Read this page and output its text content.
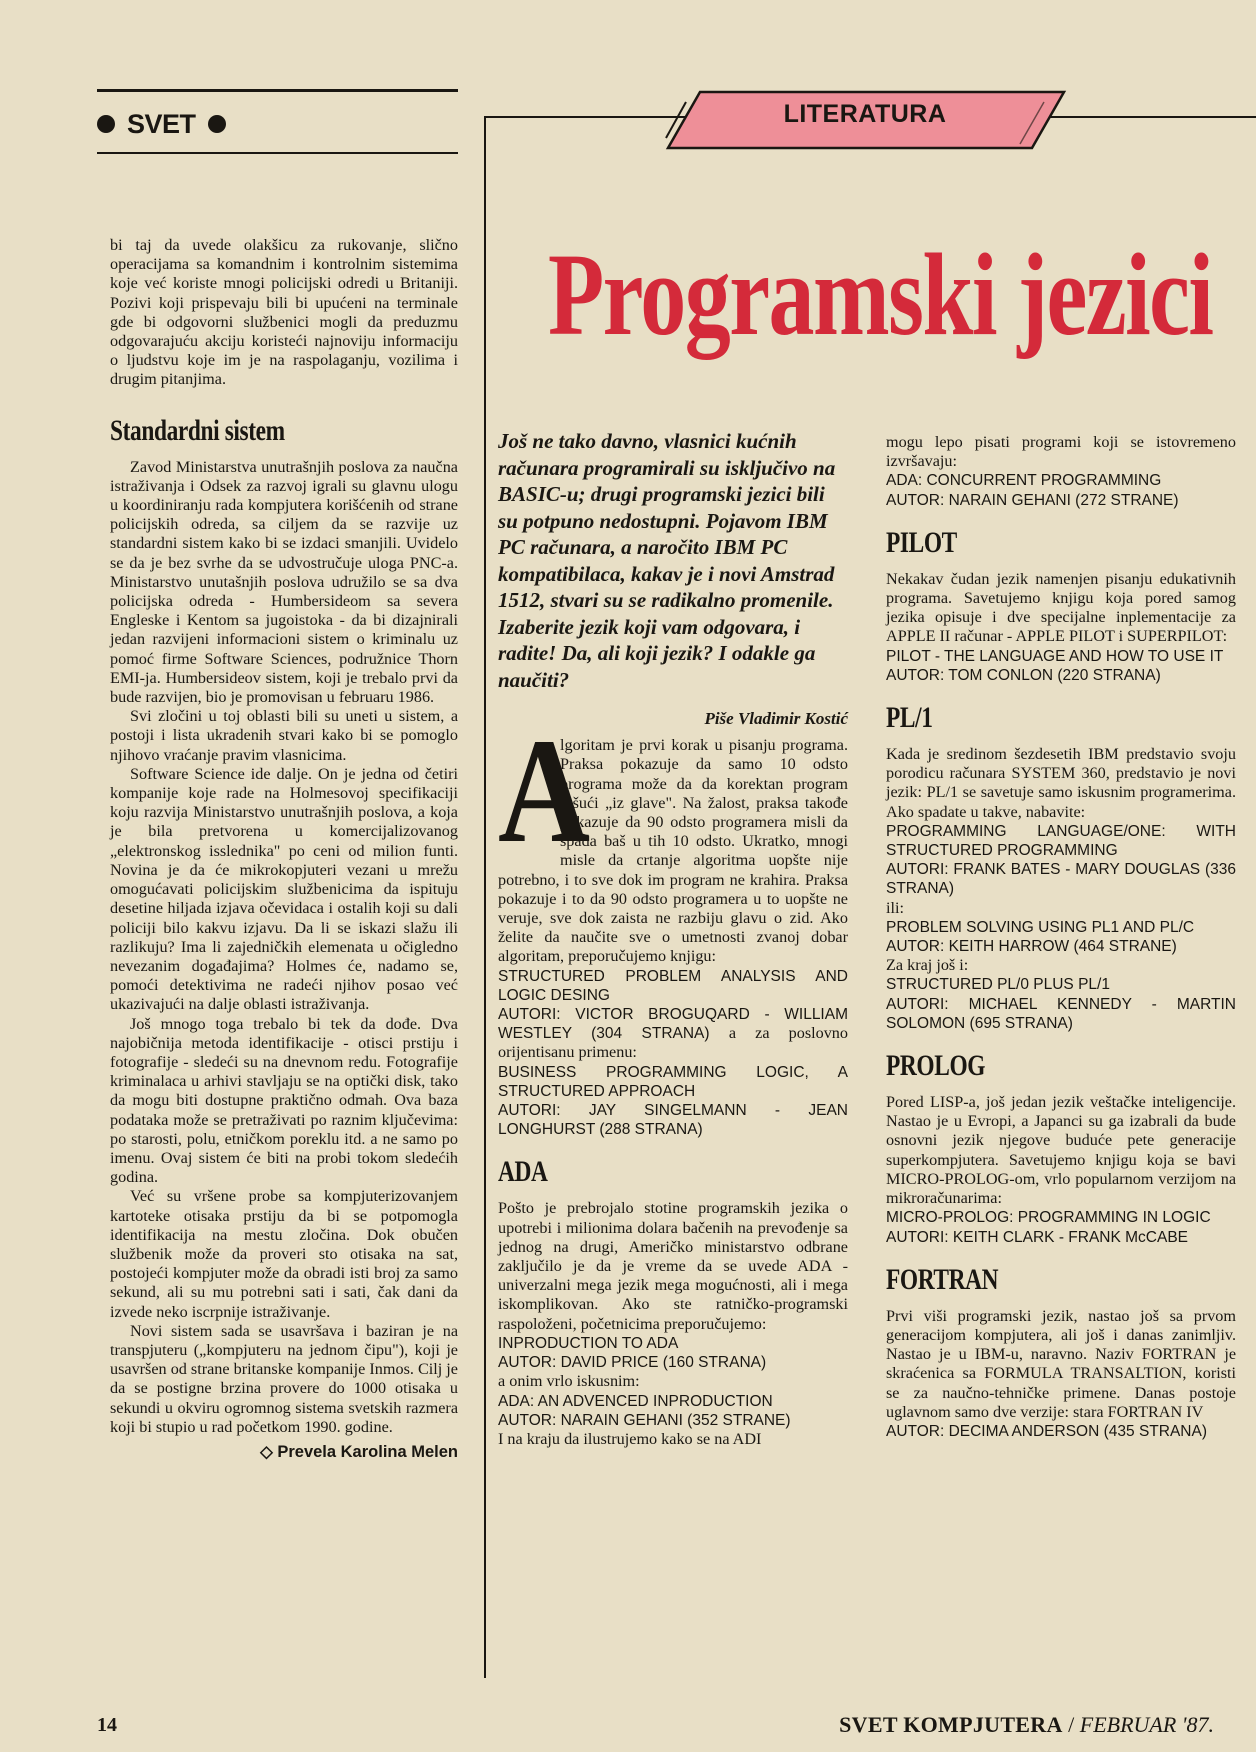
SVET	LITERATURA
Programski jezici

bi taj da uvede olakšicu za rukovanje, slično operacijama sa komandnim i kontrolnim sistemima koje već koriste mnogi policijski odredi u Britaniji. Pozivi koji prispevaju bili bi upućeni na terminale gde bi odgovorni službenici mogli da preduzmu odgovarajuću akciju koristeći najnoviju informaciju o ljudstvu koje im je na raspolaganju, vozilima i drugim pitanjima.

Standardni sistem

Zavod Ministarstva unutrašnjih poslova za naučna istraživanja i Odsek za razvoj igrali su glavnu ulogu u koordiniranju rada kompjutera korišćenih od strane policijskih odreda, sa ciljem da se razvije uz standardni sistem kako bi se izdaci smanjili. Uvidelo se da je bez svrhe da se udvostručuje uloga PNC-a. Ministarstvo unutašnjih poslova udružilo se sa dva policijska odreda - Humbersideom sa severa Engleske i Kentom sa jugoistoka - da bi dizajnirali jedan razvijeni informacioni sistem o kriminalu uz pomoć firme Software Sciences, podružnice Thorn EMI-ja. Humbersideov sistem, koji je trebalo prvi da bude razvijen, bio je promovisan u februaru 1986.

Svi zločini u toj oblasti bili su uneti u sistem, a postoji i lista ukradenih stvari kako bi se pomoglo njihovo vraćanje pravim vlasnicima.

Software Science ide dalje. On je jedna od četiri kompanije koje rade na Holmesovoj specifikaciji koju razvija Ministarstvo unutrašnjih poslova, a koja je bila pretvorena u komercijalizovanog „elektronskog isslednika" po ceni od milion funti. Novina je da će mikrokopjuteri vezani u mrežu omogućavati policijskim službenicima da ispituju desetine hiljada izjava očevidaca i ostalih koji su dali policiji bilo kakvu izjavu. Da li se iskazi slažu ili razlikuju? Ima li zajedničkih elemenata u očigledno nevezanim događajima? Holmes će, nadamo se, pomoći detektivima ne radeći njihov posao već ukazivajući na dalje oblasti istraživanja.

Još mnogo toga trebalo bi tek da dođe. Dva najobičnija metoda identifikacije - otisci prstiju i fotografije - sledeći su na dnevnom redu. Fotografije kriminalaca u arhivi stavljaju se na optički disk, tako da mogu biti dostupne praktično odmah. Ova baza podataka može se pretraživati po raznim ključevima: po starosti, polu, etničkom poreklu itd. a ne samo po imenu. Ovaj sistem će biti na probi tokom sledećih godina.

Već su vršene probe sa kompjuterizovanjem kartoteke otisaka prstiju da bi se potpomogla identifikacija na mestu zločina. Dok obučen službenik može da proveri sto otisaka na sat, postojeći kompjuter može da obradi isti broj za samo sekund, ali su mu potrebni sati i sati, čak dani da izvede neko iscrpnije istraživanje.

Novi sistem sada se usavršava i baziran je na transpjuteru („kompjuteru na jednom čipu"), koji je usavršen od strane britanske kompanije Inmos. Cilj je da se postigne brzina provere do 1000 otisaka u sekundi u okviru ogromnog sistema svetskih razmera koji bi stupio u rad početkom 1990. godine.

◇ Prevela Karolina Melen
Još ne tako davno, vlasnici kućnih računara programirali su isključivo na BASIC-u; drugi programski jezici bili su potpuno nedostupni. Pojavom IBM PC računara, a naročito IBM PC kompatibilaca, kakav je i novi Amstrad 1512, stvari su se radikalno promenile. Izaberite jezik koji vam odgovara, i radite! Da, ali koji jezik? I odakle ga naučiti?
Piše Vladimir Kostić
A

lgoritam je prvi korak u pisanju programa. Praksa pokazuje da samo 10 odsto programa može da da korektan program pišući „iz glave". Na žalost, praksa takođe pokazuje da 90 odsto programera misli da spada baš u tih 10 odsto. Ukratko, mnogi misle da crtanje algoritma uopšte nije potrebno, i to sve dok im program ne krahira. Praksa pokazuje i to da 90 odsto programera u to uopšte ne veruje, sve dok zaista ne razbiju glavu o zid. Ako želite da naučite sve o umetnosti zvanoj dobar algoritam, preporučujemo knjigu:

STRUCTURED PROBLEM ANALYSIS AND LOGIC DESING

AUTORI: VICTOR BROGUQARD - WILLIAM WESTLEY (304 STRANA) a za poslovno orijentisanu primenu:

BUSINESS PROGRAMMING LOGIC, A STRUCTURED APPROACH

AUTORI: JAY SINGELMANN - JEAN LONGHURST (288 STRANA)

ADA

Pošto je prebrojalo stotine programskih jezika o upotrebi i milionima dolara bačenih na prevođenje sa jednog na drugi, Američko ministarstvo odbrane zaključilo je da je vreme da se uvede ADA - univerzalni mega jezik mega mogućnosti, ali i mega iskomplikovan. Ako ste ratničko-programski raspoloženi, početnicima preporučujemo:

INPRODUCTION TO ADA

AUTOR: DAVID PRICE (160 STRANA)

a onim vrlo iskusnim:

ADA: AN ADVENCED INPRODUCTION

AUTOR: NARAIN GEHANI (352 STRANE)

I na kraju da ilustrujemo kako se na ADI

mogu lepo pisati programi koji se istovremeno izvršavaju:

ADA: CONCURRENT PROGRAMMING

AUTOR: NARAIN GEHANI (272 STRANE)

PILOT

Nekakav čudan jezik namenjen pisanju edukativnih programa. Savetujemo knjigu koja pored samog jezika opisuje i dve specijalne inplementacije za APPLE II računar - APPLE PILOT i SUPERPILOT:

PILOT - THE LANGUAGE AND HOW TO USE IT

AUTOR: TOM CONLON (220 STRANA)

PL/1

Kada je sredinom šezdesetih IBM predstavio svoju porodicu računara SYSTEM 360, predstavio je novi jezik: PL/1 se savetuje samo iskusnim programerima. Ako spadate u takve, nabavite:

PROGRAMMING LANGUAGE/ONE: WITH STRUCTURED PROGRAMMING

AUTORI: FRANK BATES - MARY DOUGLAS (336 STRANA)

ili:

PROBLEM SOLVING USING PL1 AND PL/C

AUTOR: KEITH HARROW (464 STRANE)

Za kraj još i:

STRUCTURED PL/0 PLUS PL/1

AUTORI: MICHAEL KENNEDY - MARTIN SOLOMON (695 STRANA)

PROLOG

Pored LISP-a, još jedan jezik veštačke inteligencije. Nastao je u Evropi, a Japanci su ga izabrali da bude osnovni jezik njegove buduće pete generacije superkompjutera. Savetujemo knjigu koja se bavi MICRO-PROLOG-om, vrlo popularnom verzijom na mikroračunarima:

MICRO-PROLOG: PROGRAMMING IN LOGIC

AUTORI: KEITH CLARK - FRANK McCABE

FORTRAN

Prvi viši programski jezik, nastao još sa prvom generacijom kompjutera, ali još i danas zanimljiv. Nastao je u IBM-u, naravno. Naziv FORTRAN je skraćenica sa FORMULA TRANSALTION, koristi se za naučno-tehničke primene. Danas postoje uglavnom samo dve verzije: stara FORTRAN IV

AUTOR: DECIMA ANDERSON (435 STRANA)

14	SVET KOMPJUTERA / FEBRUAR '87.
